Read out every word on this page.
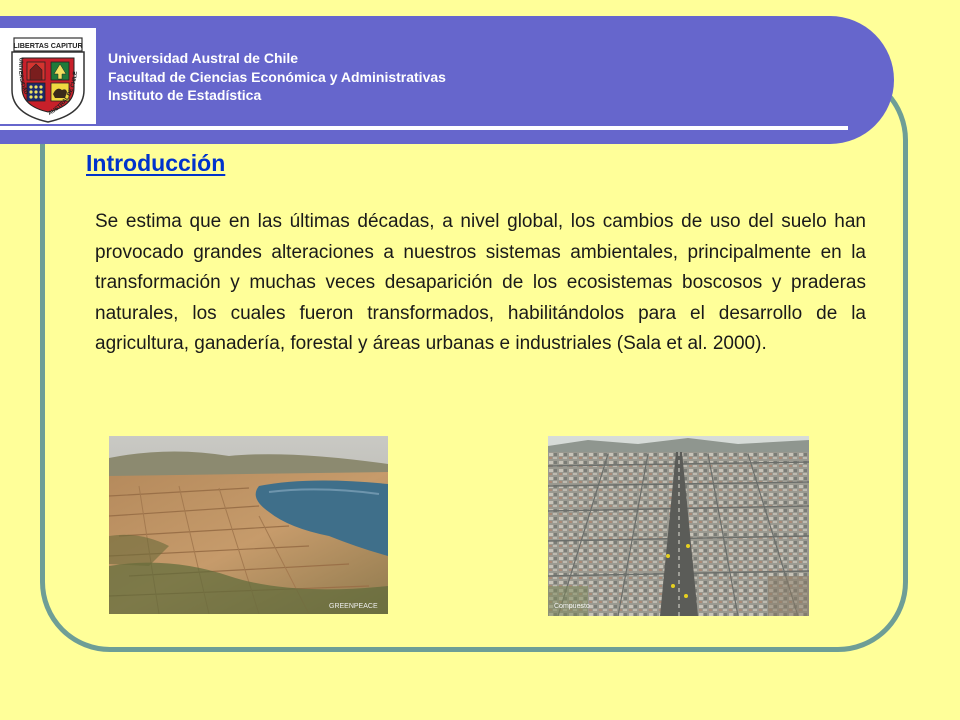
LIBERTAS CAPITUR
UNIVERSIDAD
AUSTRAL DE CHILE
Universidad Austral de Chile
Facultad de Ciencias Económica y Administrativas
Instituto de Estadística
Introducción
Se estima que en las últimas décadas, a nivel global, los cambios de uso del suelo han provocado grandes alteraciones a nuestros sistemas ambientales, principalmente en la transformación y muchas veces desaparición de los ecosistemas boscosos y praderas naturales, los cuales fueron transformados, habilitándolos para el desarrollo de la agricultura, ganadería, forestal y áreas urbanas e industriales (Sala et al. 2000).
GREENPEACE	Compuesto
